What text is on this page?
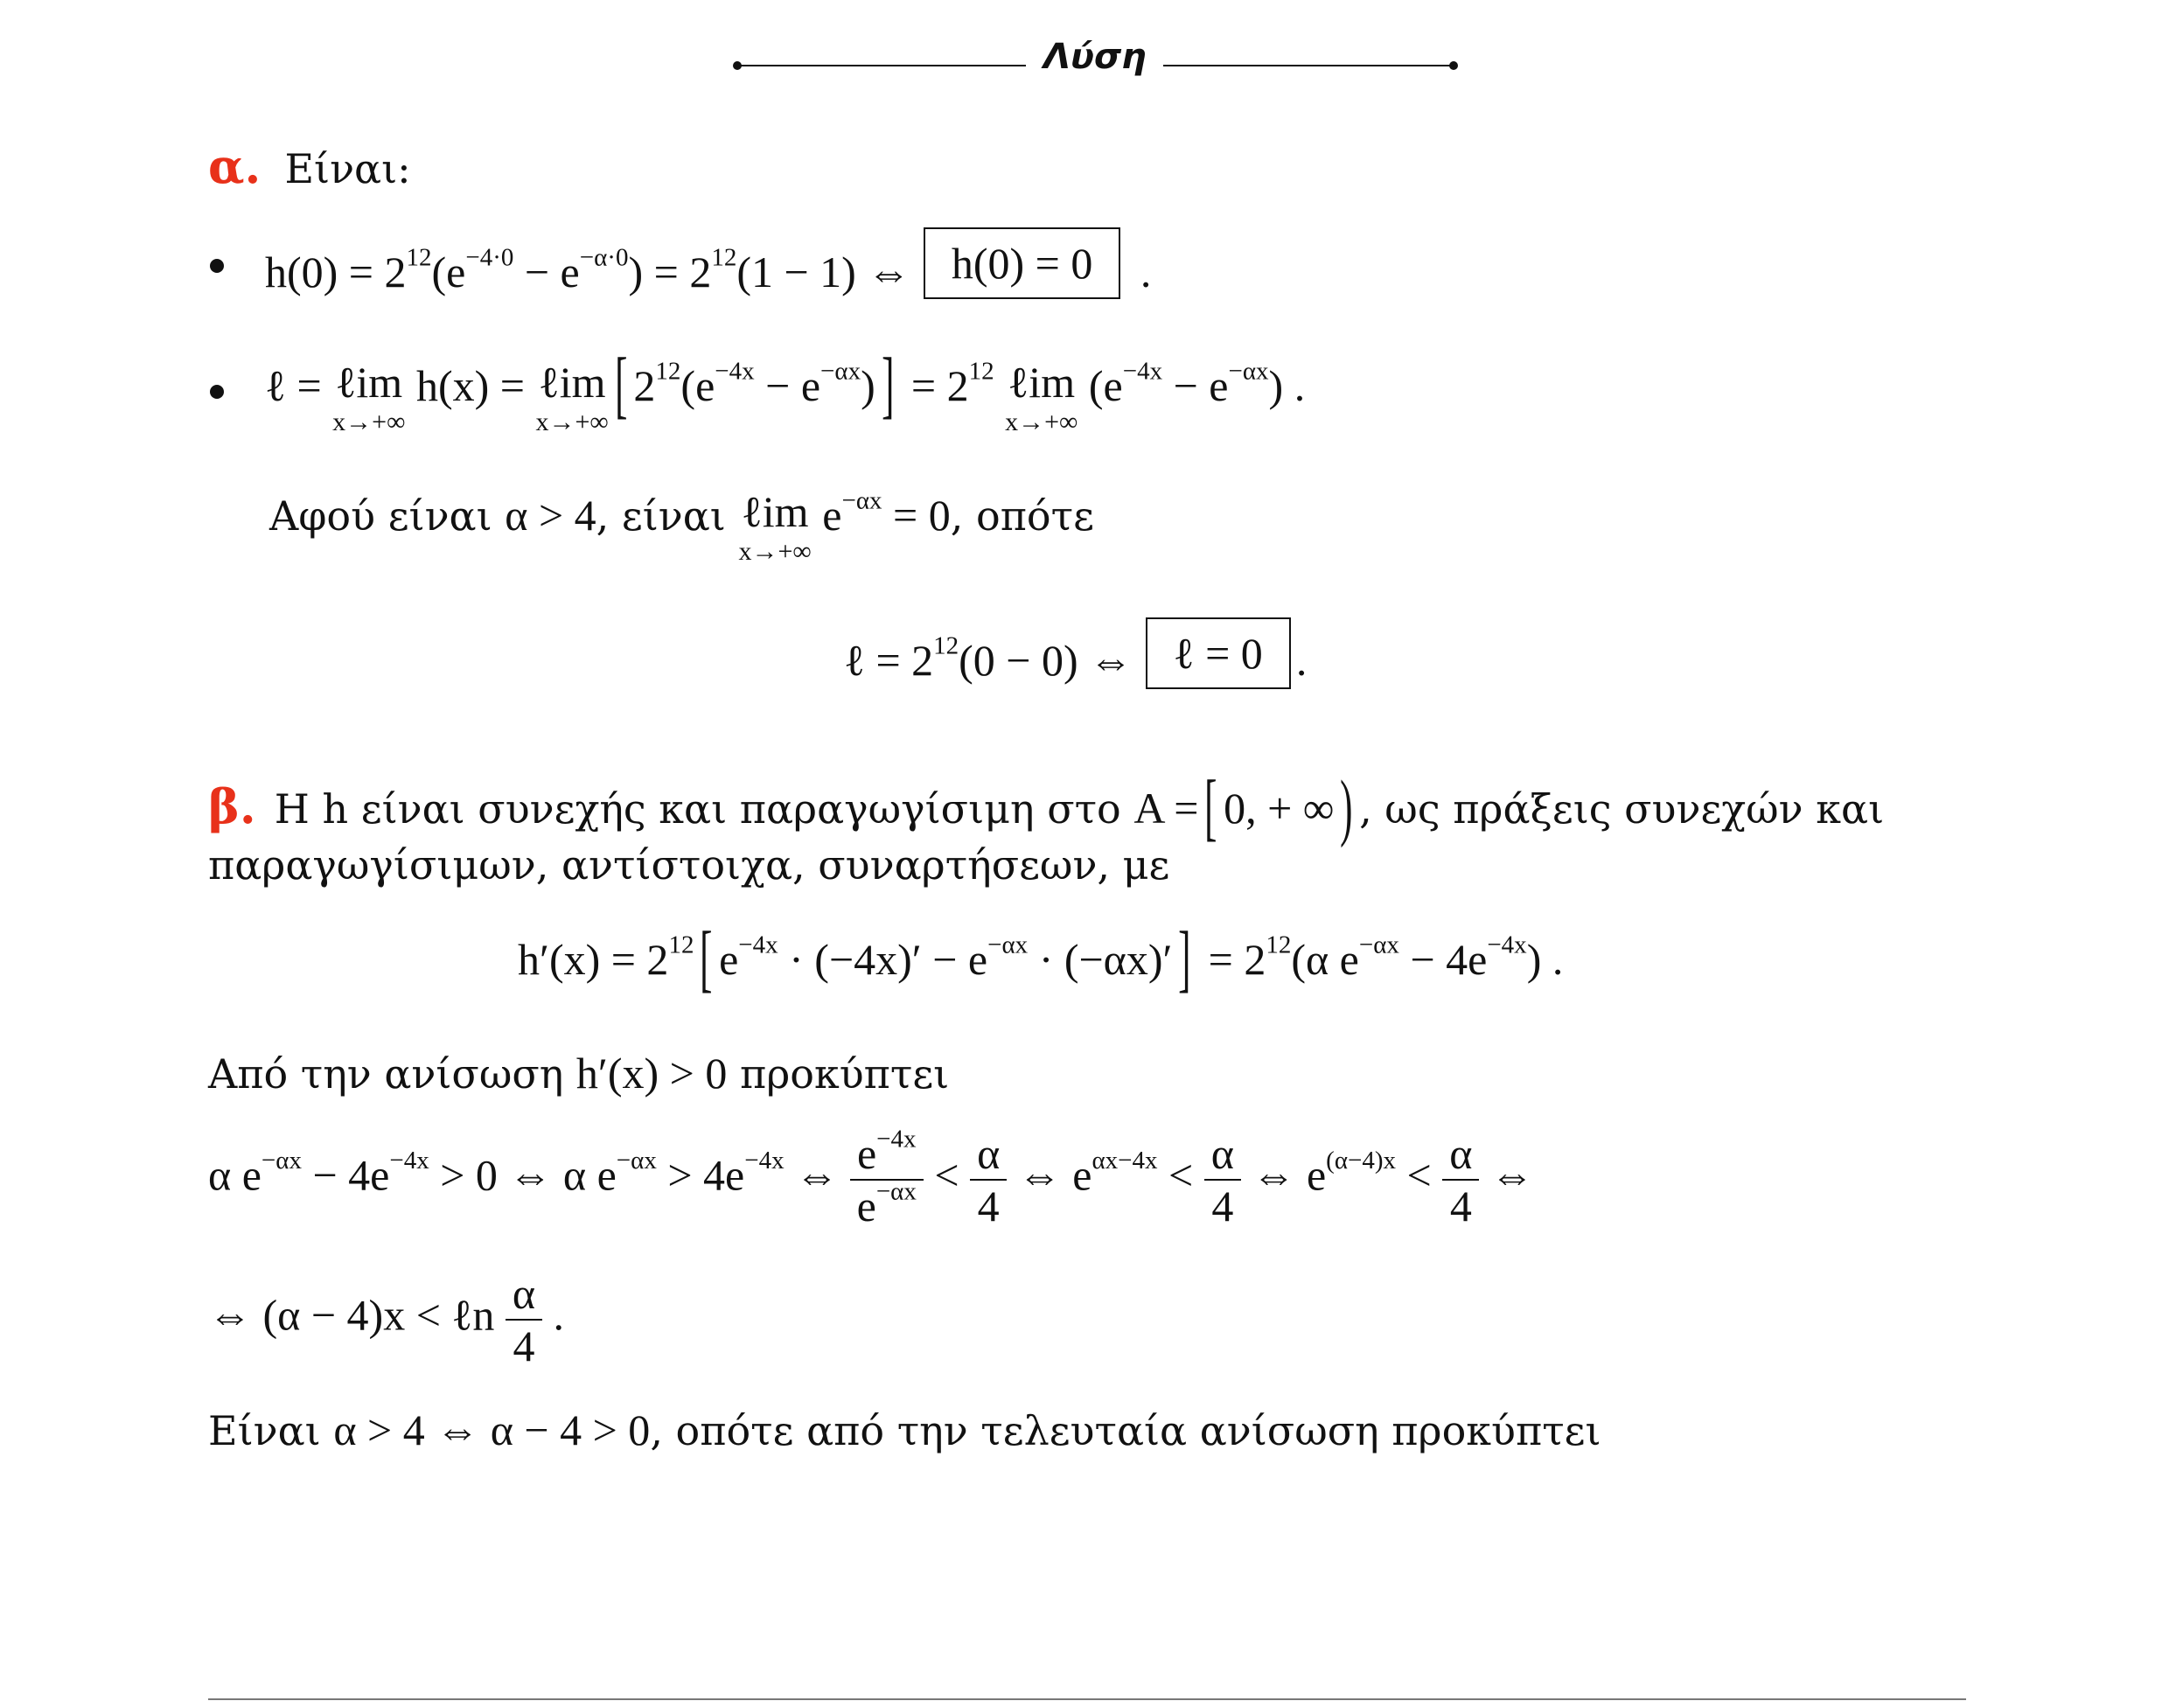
Λύση
α. Είναι:
$h(0) = 2^{12}(e^{-4\cdot 0} - e^{-\alpha\cdot 0}) = 2^{12}(1 - 1)$ ⇔ h(0) = 0 .
ℓ = ℓim
x→+∞
h(x) = ℓim
x→+∞ [ $2^{12}(e^{-4x} - e^{-\alpha x})] = 2^{12}$ ℓim
x→+∞
$(e^{-4x} - e^{-\alpha x})$ .
Αφού είναι α > 4, είναι ℓim
x→+∞
e−αx = 0, οπότε
ℓ = $2^{12}(0 - 0)$ ⇔ ℓ = 0 .
β. Η h είναι συνεχής και παραγωγίσιμη στο Α =[ 0, + ∞) , ως πράξεις συνεχών και
παραγωγίσιμων, αντίστοιχα, συναρτήσεων, με
$h'(x) = 2^{12}$[ $e^{-4x} \cdot (-4x)' - e^{-\alpha x} \cdot (-\alpha x)'] = 2^{12}(\alpha$ $e^{-\alpha x} - 4e^{-4x}$) .
Από την ανίσωση h′(x) > 0 προκύπτει
α $e^{-\alpha x} - 4e^{-4x} > 0$ ⇔ α $e^{-\alpha x} > 4e^{-4x}$ ⇔ $\frac{e^{-4x}}{e^{-\alpha x}} < \frac{\alpha}{4}$ ⇔ $e^{\alpha x-4x} < \frac{\alpha}{4}$ ⇔ $e^{(\alpha-4)x} < \frac{\alpha}{4}$ ⇔
⇔ (α − 4)x < ℓn $\frac{\alpha}{4}$ .
Είναι α > 4 ⇔ α − 4 > 0, οπότε από την τελευταία ανίσωση προκύπτει
